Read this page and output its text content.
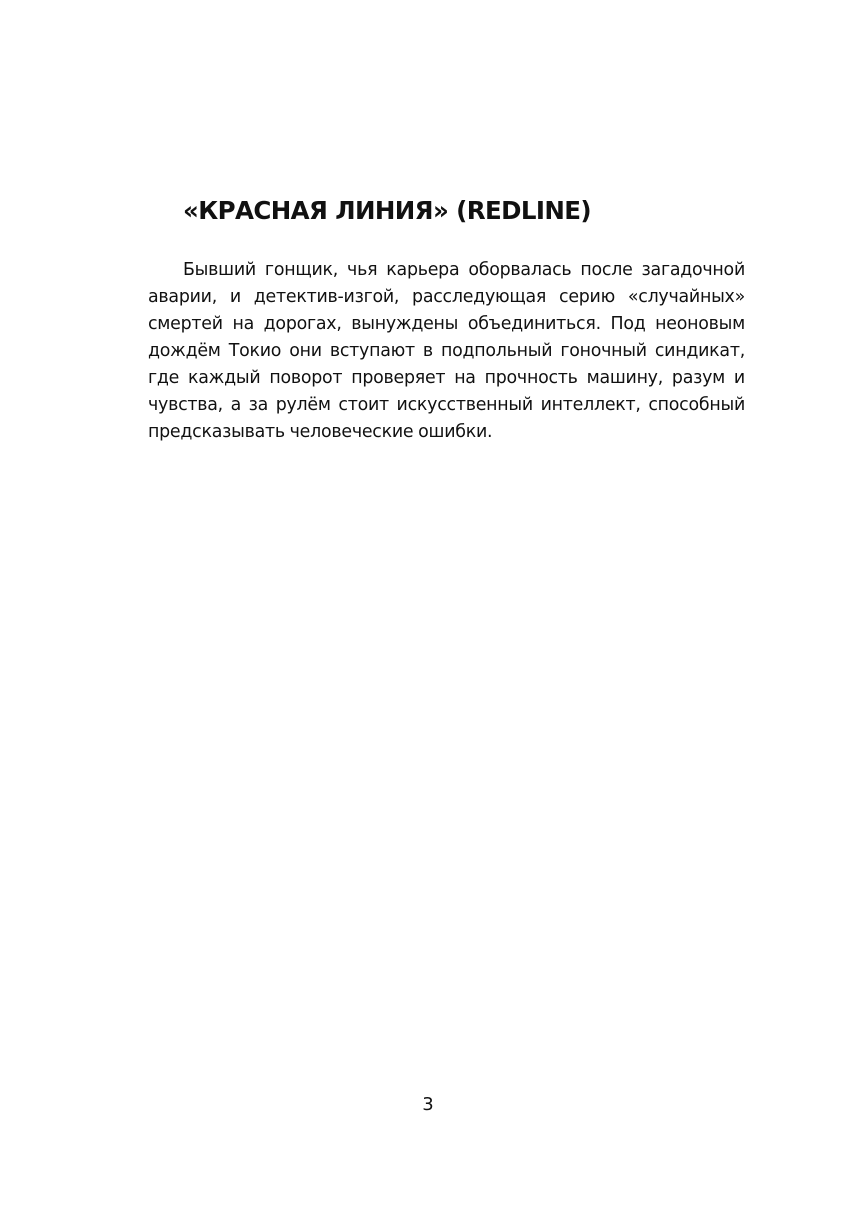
«КРАСНАЯ ЛИНИЯ» (REDLINE)

Бывший гонщик, чья карьера оборвалась после загадочной аварии, и детектив-изгой, расследующая серию «случайных» смертей на дорогах, вынуждены объединиться. Под неоновым дождём Токио они вступают в подпольный гоночный синдикат, где каждый поворот проверяет на прочность машину, разум и чувства, а за рулём стоит искусственный интеллект, способный предсказывать человеческие ошибки.

3
